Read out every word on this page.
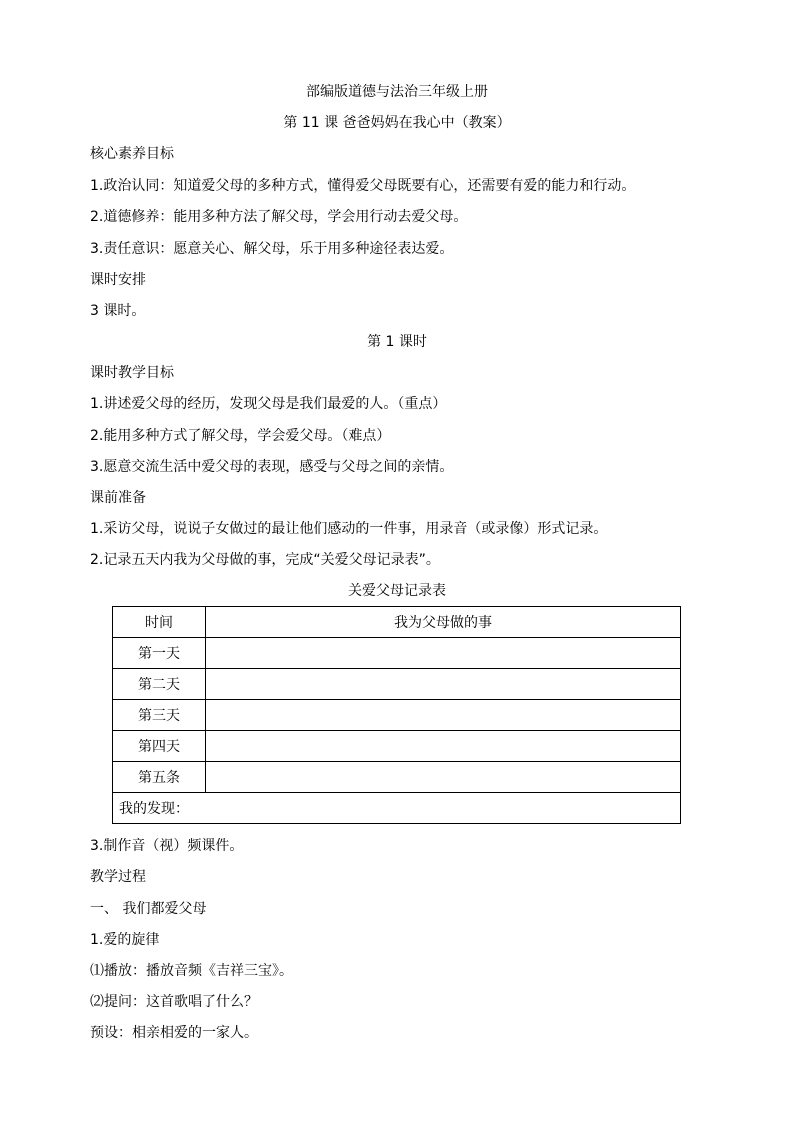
部编版道德与法治三年级上册
第 11 课 爸爸妈妈在我心中（教案）
核心素养目标
1.政治认同：知道爱父母的多种方式，懂得爱父母既要有心，还需要有爱的能力和行动。
2.道德修养：能用多种方法了解父母，学会用行动去爱父母。
3.责任意识：愿意关心、解父母，乐于用多种途径表达爱。
课时安排
3 课时。
第 1 课时
课时教学目标
1.讲述爱父母的经历，发现父母是我们最爱的人。（重点）
2.能用多种方式了解父母，学会爱父母。（难点）
3.愿意交流生活中爱父母的表现，感受与父母之间的亲情。
课前准备
1.采访父母，说说子女做过的最让他们感动的一件事，用录音（或录像）形式记录。
2.记录五天内我为父母做的事，完成“关爱父母记录表”。
关爱父母记录表
时间	我为父母做的事
第一天	
第二天	
第三天	
第四天	
第五条	
我的发现：	
3.制作音（视）频课件。
教学过程
一、 我们都爱父母
1.爱的旋律
⑴播放：播放音频《吉祥三宝》。
⑵提问：这首歌唱了什么？
预设：相亲相爱的一家人。
